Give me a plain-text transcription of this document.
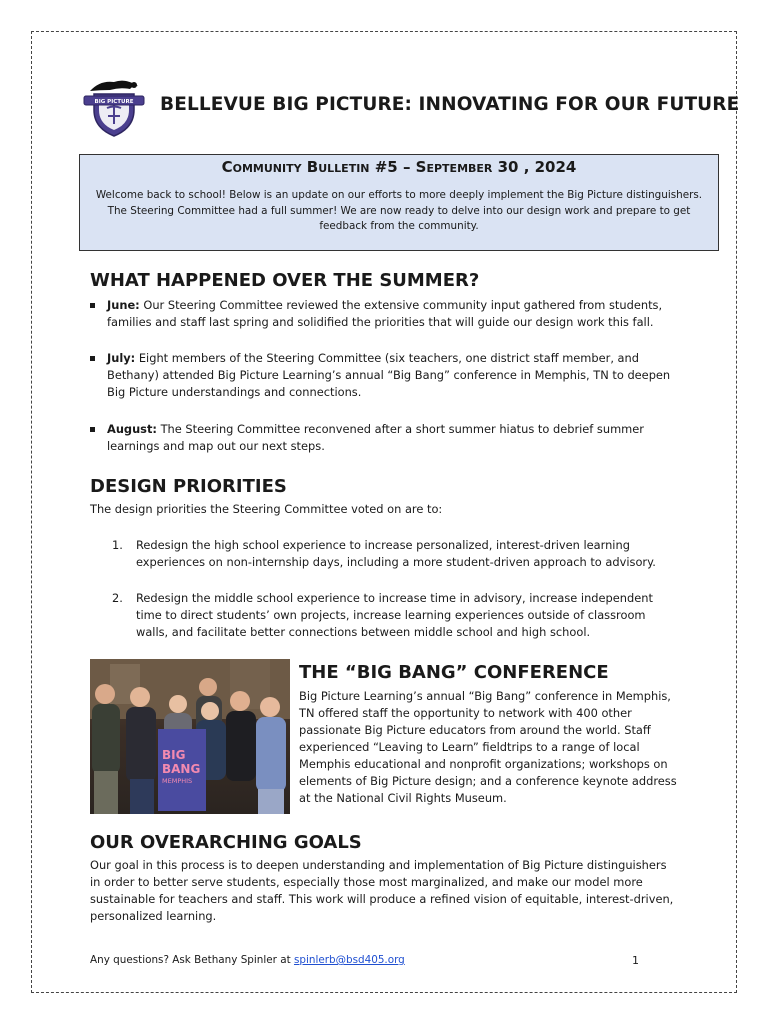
BIG PICTURE BELLEVUE BIG PICTURE: INNOVATING FOR OUR FUTURE
Community Bulletin #5 – September 30 , 2024
Welcome back to school! Below is an update on our efforts to more deeply implement the Big Picture distinguishers. The Steering Committee had a full summer! We are now ready to delve into our design work and prepare to get feedback from the community.
WHAT HAPPENED OVER THE SUMMER?
June: Our Steering Committee reviewed the extensive community input gathered from students, families and staff last spring and solidified the priorities that will guide our design work this fall.
July: Eight members of the Steering Committee (six teachers, one district staff member, and Bethany) attended Big Picture Learning’s annual “Big Bang” conference in Memphis, TN to deepen Big Picture understandings and connections.
August: The Steering Committee reconvened after a short summer hiatus to debrief summer learnings and map out our next steps.
DESIGN PRIORITIES
The design priorities the Steering Committee voted on are to:
1. Redesign the high school experience to increase personalized, interest-driven learning experiences on non-internship days, including a more student-driven approach to advisory.
2. Redesign the middle school experience to increase time in advisory, increase independent time to direct students’ own projects, increase learning experiences outside of classroom walls, and facilitate better connections between middle school and high school.
BIG
BANG
MEMPHIS
THE “BIG BANG” CONFERENCE
Big Picture Learning’s annual “Big Bang” conference in Memphis, TN offered staff the opportunity to network with 400 other passionate Big Picture educators from around the world. Staff experienced “Leaving to Learn” fieldtrips to a range of local Memphis educational and nonprofit organizations; workshops on elements of Big Picture design; and a conference keynote address at the National Civil Rights Museum.
OUR OVERARCHING GOALS
Our goal in this process is to deepen understanding and implementation of Big Picture distinguishers in order to better serve students, especially those most marginalized, and make our model more sustainable for teachers and staff. This work will produce a refined vision of equitable, interest-driven, personalized learning.
Any questions? Ask Bethany Spinler at spinlerb@bsd405.org	1
